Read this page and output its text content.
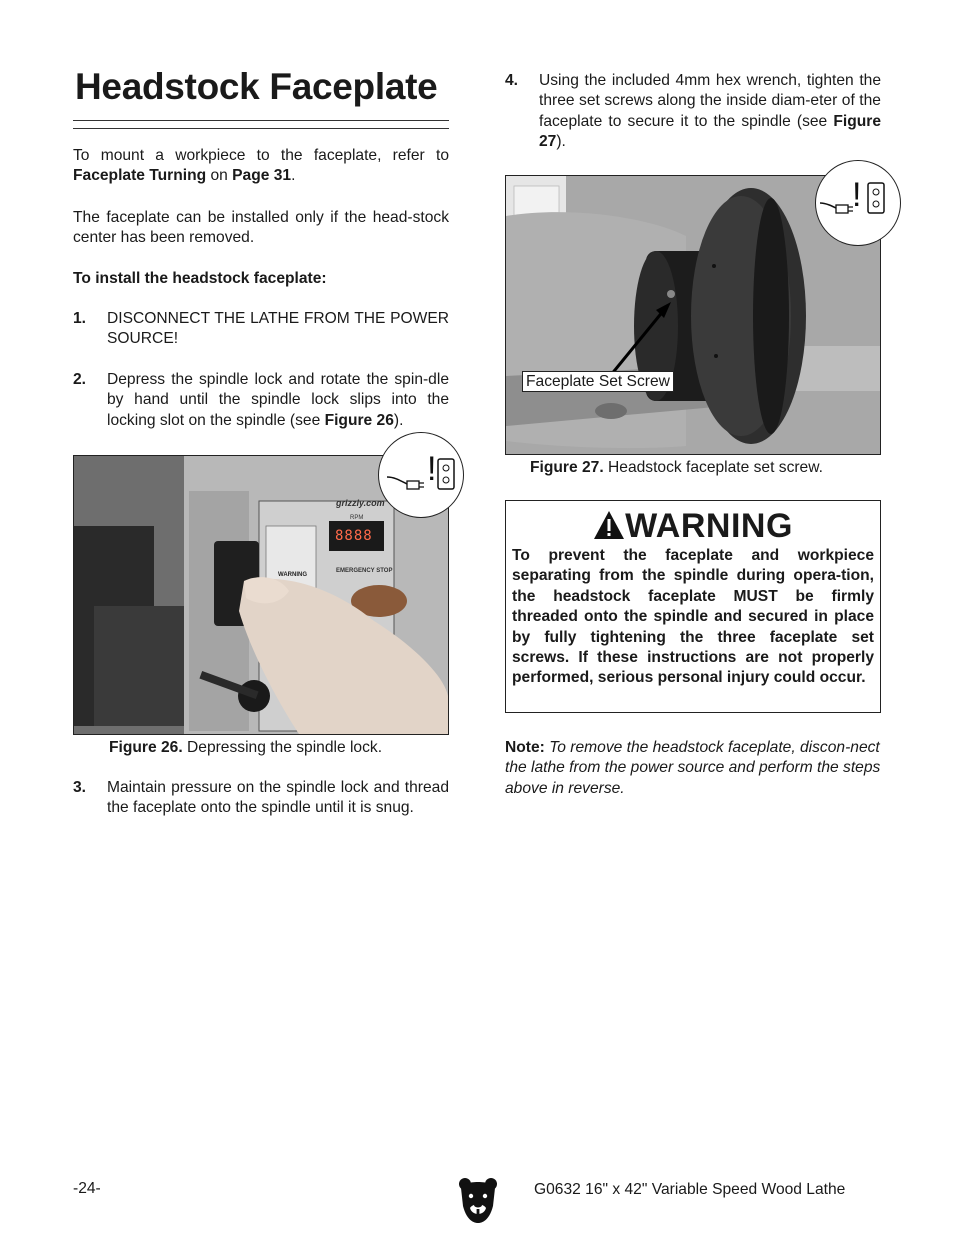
Headstock Faceplate
To mount a workpiece to the faceplate, refer to Faceplate Turning on Page 31.
The faceplate can be installed only if the head-stock center has been removed.
To install the headstock faceplate:
1. DISCONNECT THE LATHE FROM THE POWER SOURCE!
2. Depress the spindle lock and rotate the spin-dle by hand until the spindle lock slips into the locking slot on the spindle (see Figure 26).
grizzly.com
RPM
8888
EMERGENCY STOP
WARNING
!
Figure 26. Depressing the spindle lock.
3. Maintain pressure on the spindle lock and thread the faceplate onto the spindle until it is snug.
4. Using the included 4mm hex wrench, tighten the three set screws along the inside diam-eter of the faceplate to secure it to the spindle (see Figure 27).
Faceplate Set Screw
!
Figure 27. Headstock faceplate set screw.
WARNING
To prevent the faceplate and workpiece separating from the spindle during opera-tion, the headstock faceplate MUST be firmly threaded onto the spindle and secured in place by fully tightening the three faceplate set screws. If these instructions are not properly performed, serious personal injury could occur.
Note: To remove the headstock faceplate, discon-nect the lathe from the power source and perform the steps above in reverse.
-24-	G0632 16" x 42" Variable Speed Wood Lathe
